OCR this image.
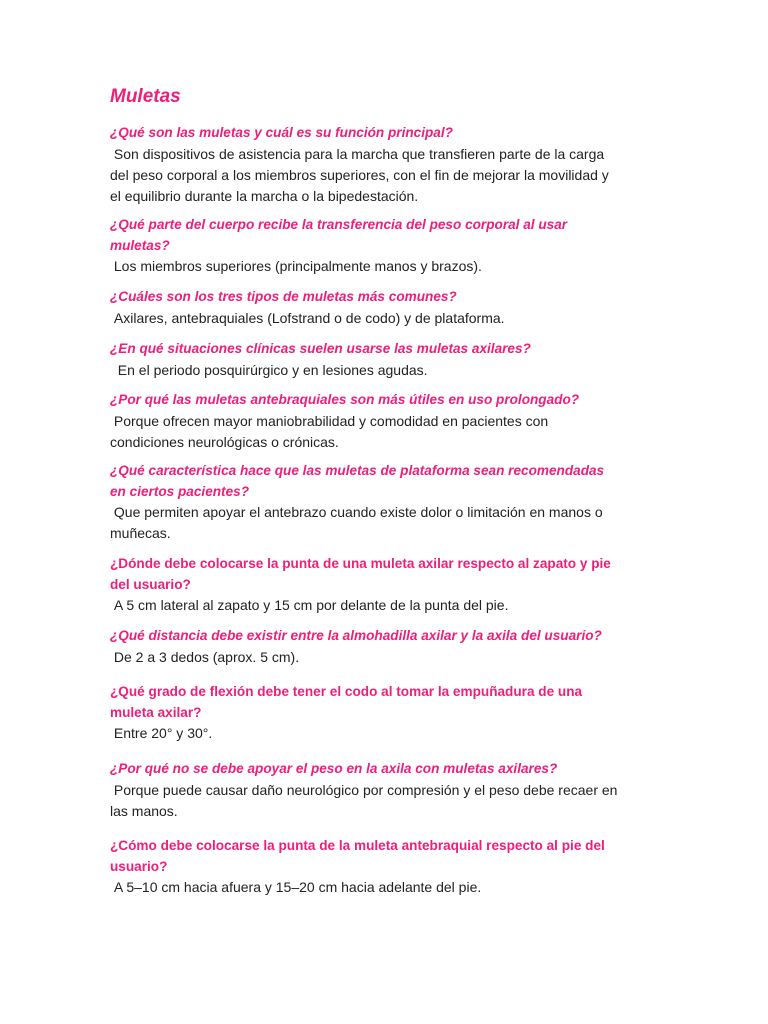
Muletas
¿Qué son las muletas y cuál es su función principal?
Son dispositivos de asistencia para la marcha que transfieren parte de la carga
del peso corporal a los miembros superiores, con el fin de mejorar la movilidad y
el equilibrio durante la marcha o la bipedestación.
¿Qué parte del cuerpo recibe la transferencia del peso corporal al usar
muletas?
Los miembros superiores (principalmente manos y brazos).
¿Cuáles son los tres tipos de muletas más comunes?
Axilares, antebraquiales (Lofstrand o de codo) y de plataforma.
¿En qué situaciones clínicas suelen usarse las muletas axilares?
En el periodo posquirúrgico y en lesiones agudas.
¿Por qué las muletas antebraquiales son más útiles en uso prolongado?
Porque ofrecen mayor maniobrabilidad y comodidad en pacientes con
condiciones neurológicas o crónicas.
¿Qué característica hace que las muletas de plataforma sean recomendadas
en ciertos pacientes?
Que permiten apoyar el antebrazo cuando existe dolor o limitación en manos o
muñecas.
¿Dónde debe colocarse la punta de una muleta axilar respecto al zapato y pie
del usuario?
A 5 cm lateral al zapato y 15 cm por delante de la punta del pie.
¿Qué distancia debe existir entre la almohadilla axilar y la axila del usuario?
De 2 a 3 dedos (aprox. 5 cm).
¿Qué grado de flexión debe tener el codo al tomar la empuñadura de una
muleta axilar?
Entre 20° y 30°.
¿Por qué no se debe apoyar el peso en la axila con muletas axilares?
Porque puede causar daño neurológico por compresión y el peso debe recaer en
las manos.
¿Cómo debe colocarse la punta de la muleta antebraquial respecto al pie del
usuario?
A 5–10 cm hacia afuera y 15–20 cm hacia adelante del pie.
